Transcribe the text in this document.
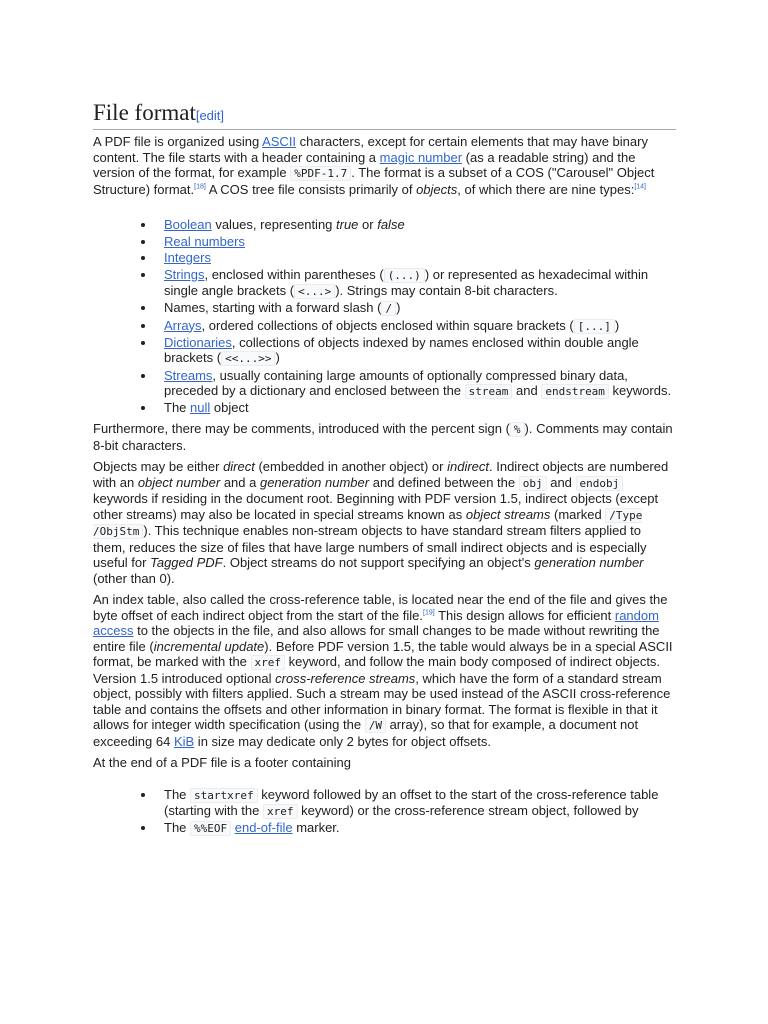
File format[edit]

A PDF file is organized using ASCII characters, except for certain elements that may have binary content. The file starts with a header containing a magic number (as a readable string) and the version of the format, for example %PDF-1.7 . The format is a subset of a COS ("Carousel" Object Structure) format.[18] A COS tree file consists primarily of objects, of which there are nine types:[14]

Boolean values, representing true or false
Real numbers
Integers
Strings, enclosed within parentheses ( (...) ) or represented as hexadecimal within single angle brackets ( <...> ). Strings may contain 8-bit characters.
Names, starting with a forward slash ( / )
Arrays, ordered collections of objects enclosed within square brackets ( [...] )
Dictionaries, collections of objects indexed by names enclosed within double angle brackets ( <<...>> )
Streams, usually containing large amounts of optionally compressed binary data, preceded by a dictionary and enclosed between the stream and endstream keywords.
The null object

Furthermore, there may be comments, introduced with the percent sign ( % ). Comments may contain 8-bit characters.

Objects may be either direct (embedded in another object) or indirect. Indirect objects are numbered with an object number and a generation number and defined between the obj and endobj keywords if residing in the document root. Beginning with PDF version 1.5, indirect objects (except other streams) may also be located in special streams known as object streams (marked /Type /ObjStm ). This technique enables non-stream objects to have standard stream filters applied to them, reduces the size of files that have large numbers of small indirect objects and is especially useful for Tagged PDF. Object streams do not support specifying an object's generation number (other than 0).

An index table, also called the cross-reference table, is located near the end of the file and gives the byte offset of each indirect object from the start of the file.[19] This design allows for efficient random access to the objects in the file, and also allows for small changes to be made without rewriting the entire file (incremental update). Before PDF version 1.5, the table would always be in a special ASCII format, be marked with the xref keyword, and follow the main body composed of indirect objects. Version 1.5 introduced optional cross-reference streams, which have the form of a standard stream object, possibly with filters applied. Such a stream may be used instead of the ASCII cross-reference table and contains the offsets and other information in binary format. The format is flexible in that it allows for integer width specification (using the /W array), so that for example, a document not exceeding 64 KiB in size may dedicate only 2 bytes for object offsets.

At the end of a PDF file is a footer containing

The startxref keyword followed by an offset to the start of the cross-reference table (starting with the xref keyword) or the cross-reference stream object, followed by
The %%EOF end-of-file marker.
